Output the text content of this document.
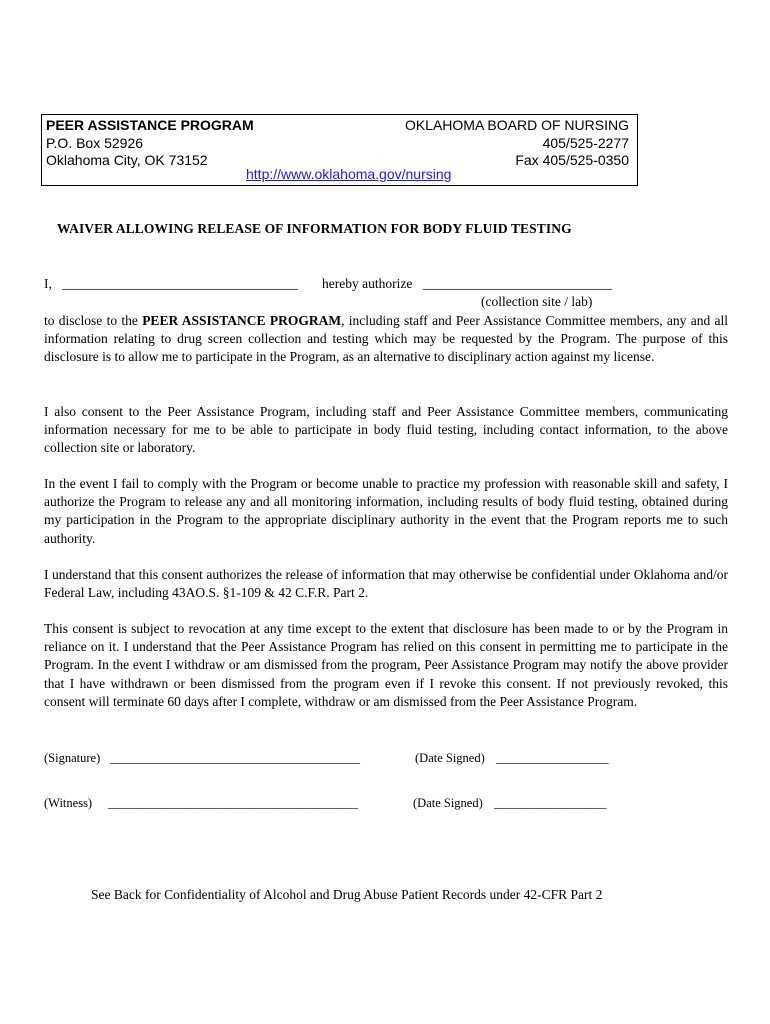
PEER ASSISTANCE PROGRAM
P.O. Box 52926
Oklahoma City, OK 73152
OKLAHOMA BOARD OF NURSING
405/525-2277
Fax 405/525-0350
http://www.oklahoma.gov/nursing
WAIVER ALLOWING RELEASE OF INFORMATION FOR BODY FLUID TESTING
I, ___________________________________ hereby authorize ____________________________
(collection site / lab)
to disclose to the PEER ASSISTANCE PROGRAM, including staff and Peer Assistance Committee members, any and all information relating to drug screen collection and testing which may be requested by the Program. The purpose of this disclosure is to allow me to participate in the Program, as an alternative to disciplinary action against my license.
I also consent to the Peer Assistance Program, including staff and Peer Assistance Committee members, communicating information necessary for me to be able to participate in body fluid testing, including contact information, to the above collection site or laboratory.
In the event I fail to comply with the Program or become unable to practice my profession with reasonable skill and safety, I authorize the Program to release any and all monitoring information, including results of body fluid testing, obtained during my participation in the Program to the appropriate disciplinary authority in the event that the Program reports me to such authority.
I understand that this consent authorizes the release of information that may otherwise be confidential under Oklahoma and/or Federal Law, including 43AO.S. §1-109 & 42 C.F.R. Part 2.
This consent is subject to revocation at any time except to the extent that disclosure has been made to or by the Program in reliance on it. I understand that the Peer Assistance Program has relied on this consent in permitting me to participate in the Program. In the event I withdraw or am dismissed from the program, Peer Assistance Program may notify the above provider that I have withdrawn or been dismissed from the program even if I revoke this consent. If not previously revoked, this consent will terminate 60 days after I complete, withdraw or am dismissed from the Peer Assistance Program.
(Signature) ________________________________________	(Date Signed) __________________
(Witness) ________________________________________	(Date Signed) __________________
See Back for Confidentiality of Alcohol and Drug Abuse Patient Records under 42-CFR Part 2
